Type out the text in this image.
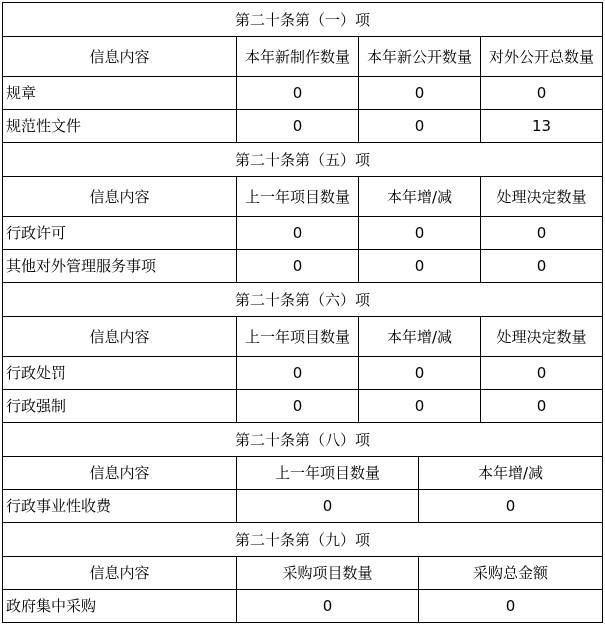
第二十条第（一）项				
信息内容	本年新制作数量	本年新公开数量		对外公开总数量
规章	0	0		0
规范性文件	0	0		13
第二十条第（五）项				
信息内容	上一年项目数量	本年增/减		处理决定数量
行政许可	0	0		0
其他对外管理服务事项	0	0		0
第二十条第（六）项				
信息内容	上一年项目数量	本年增/减		处理决定数量
行政处罚	0	0		0
行政强制	0	0		0
第二十条第（八）项				
信息内容	上一年项目数量		本年增/减	
行政事业性收费	0		0	
第二十条第（九）项				
信息内容	采购项目数量		采购总金额	
政府集中采购	0		0	
